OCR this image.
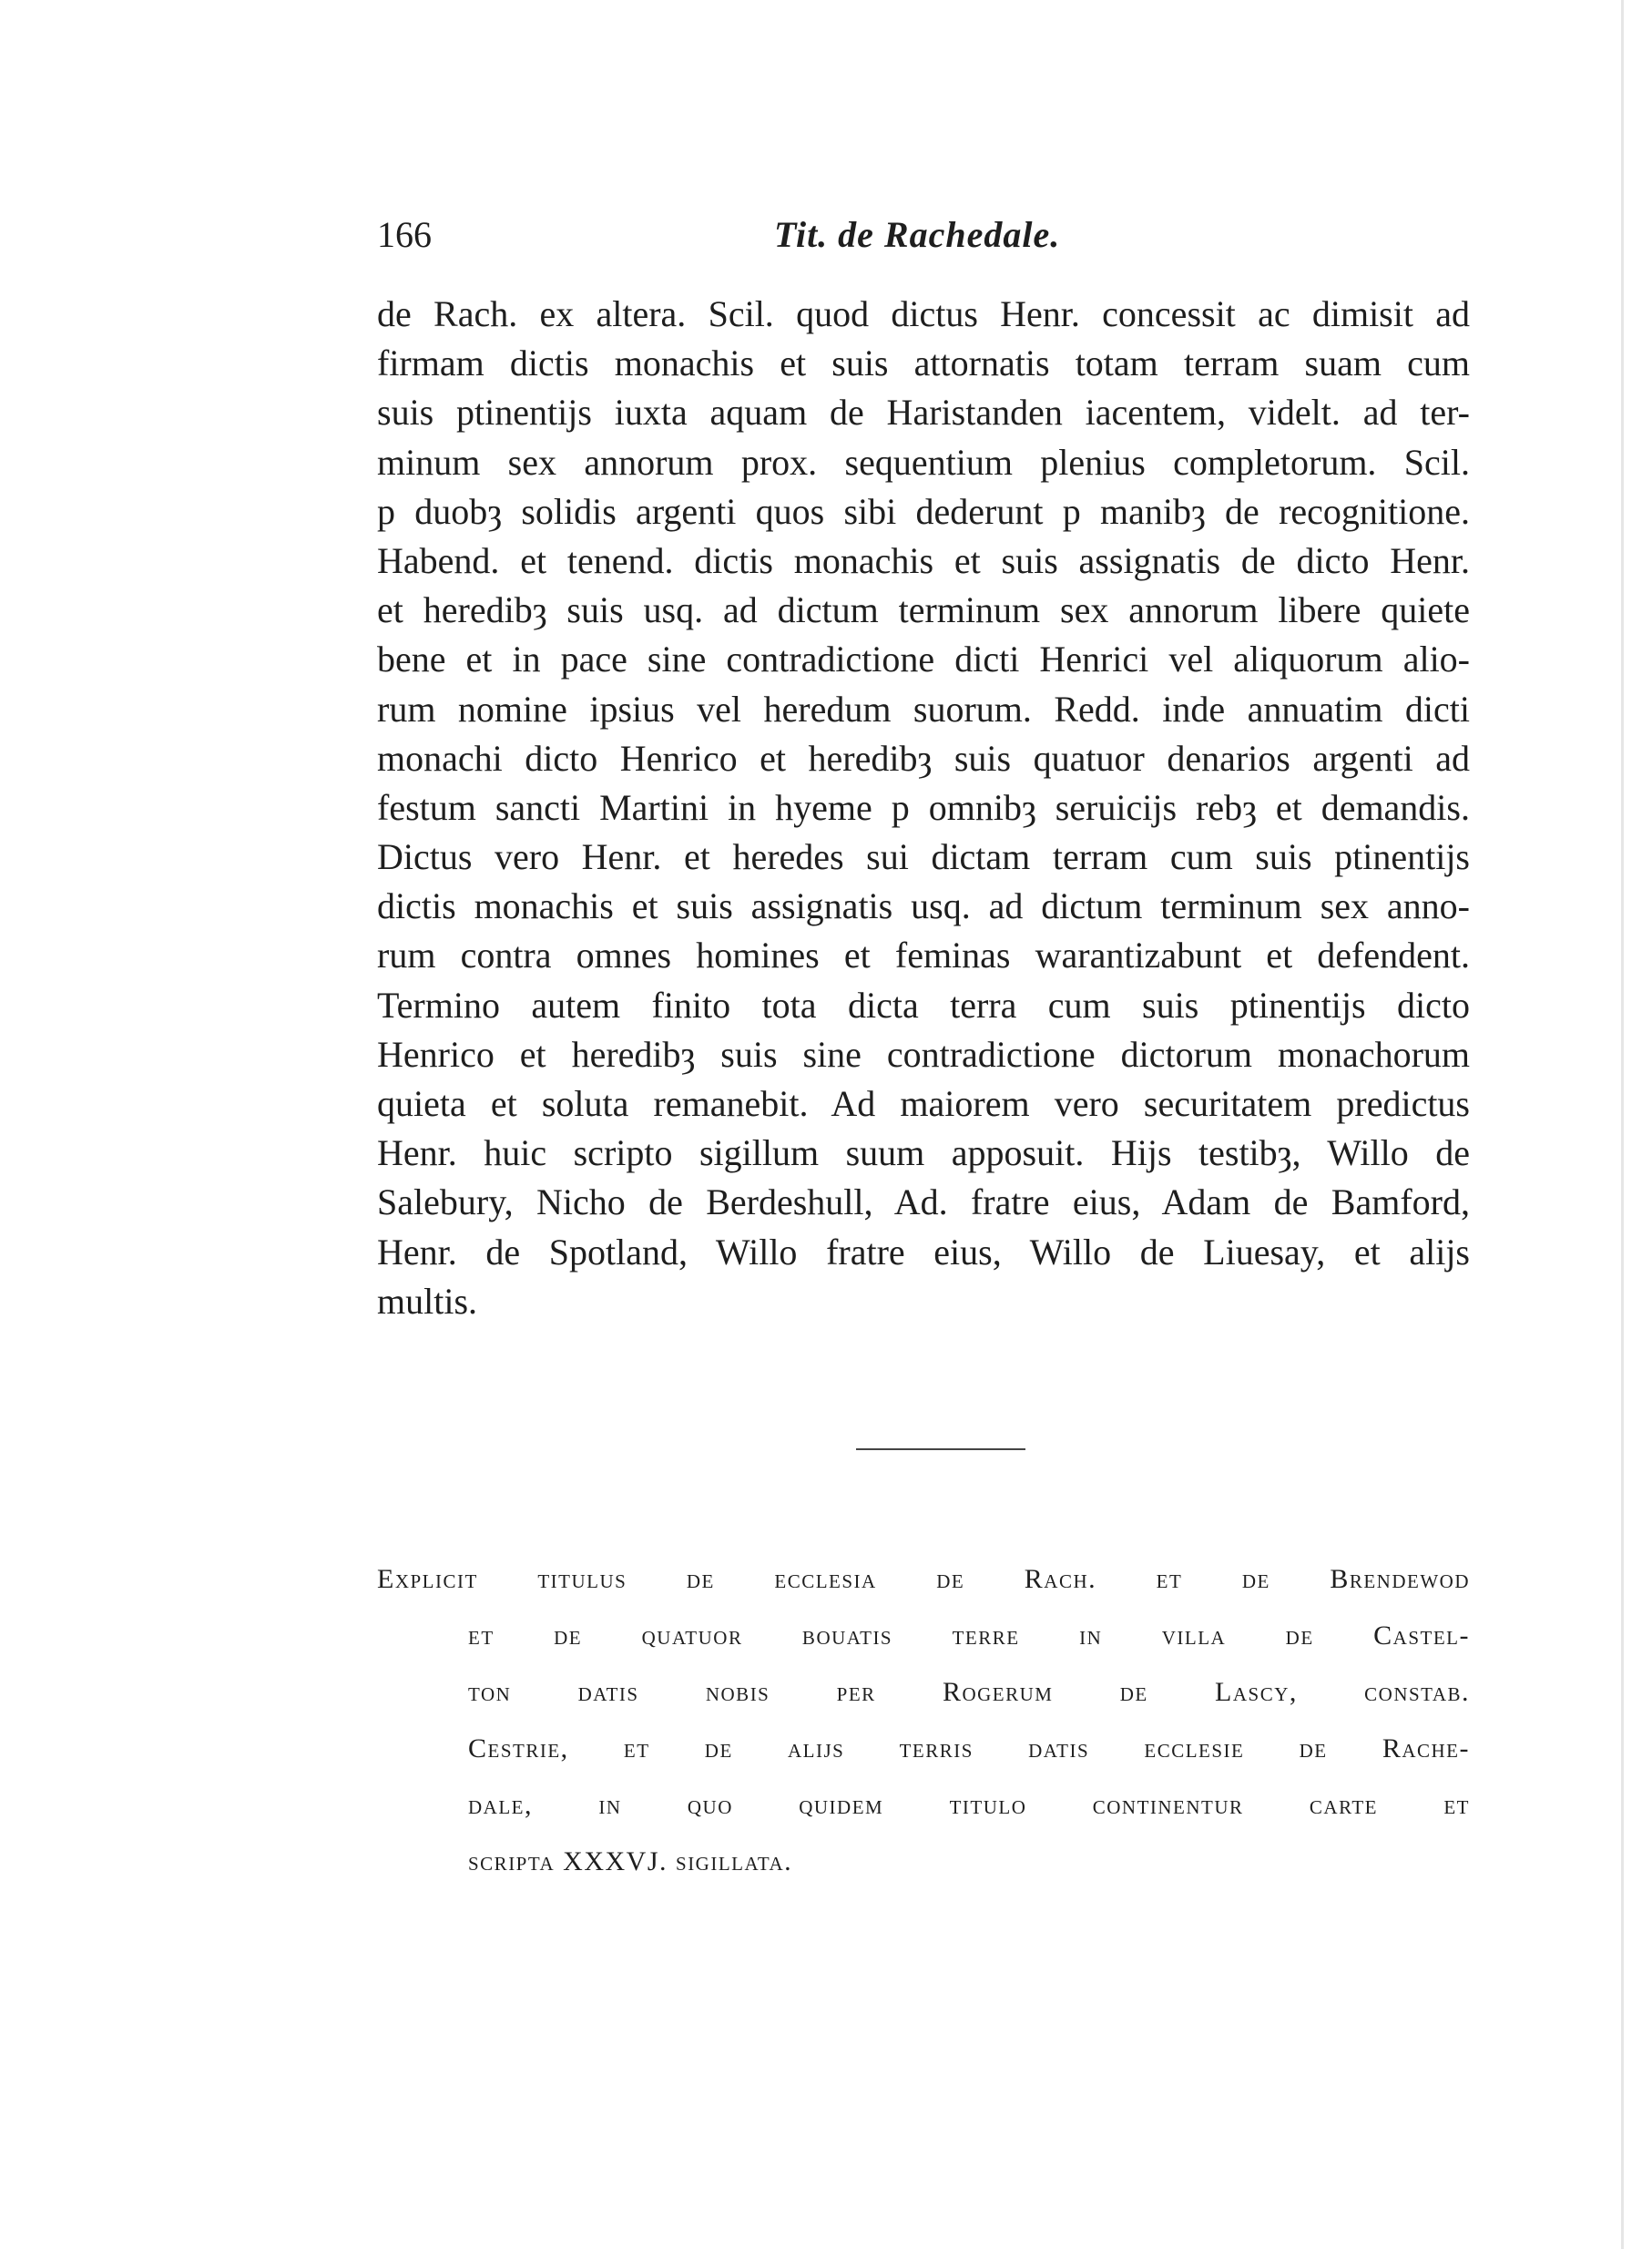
166	Tit. de Rachedale.
de Rach. ex altera. Scil. quod dictus Henr. concessit ac dimisit ad
firmam dictis monachis et suis attornatis totam terram suam cum
suis ptinentijs iuxta aquam de Haristanden iacentem, videlt. ad ter-
minum sex annorum prox. sequentium plenius completorum. Scil.
p duobȝ solidis argenti quos sibi dederunt p manibȝ de recognitione.
Habend. et tenend. dictis monachis et suis assignatis de dicto Henr.
et heredibȝ suis usq. ad dictum terminum sex annorum libere quiete
bene et in pace sine contradictione dicti Henrici vel aliquorum alio-
rum nomine ipsius vel heredum suorum. Redd. inde annuatim dicti
monachi dicto Henrico et heredibȝ suis quatuor denarios argenti ad
festum sancti Martini in hyeme p omnibȝ seruicijs rebȝ et demandis.
Dictus vero Henr. et heredes sui dictam terram cum suis ptinentijs
dictis monachis et suis assignatis usq. ad dictum terminum sex anno-
rum contra omnes homines et feminas warantizabunt et defendent.
Termino autem finito tota dicta terra cum suis ptinentijs dicto
Henrico et heredibȝ suis sine contradictione dictorum monachorum
quieta et soluta remanebit. Ad maiorem vero securitatem predictus
Henr. huic scripto sigillum suum apposuit. Hijs testibȝ, Willo de
Salebury, Nicho de Berdeshull, Ad. fratre eius, Adam de Bamford,
Henr. de Spotland, Willo fratre eius, Willo de Liuesay, et alijs
multis.
Explicit titulus de ecclesia de Rach. et de Brendewod
et de quatuor bouatis terre in villa de Castel-
ton datis nobis per Rogerum de Lascy, constab.
Cestrie, et de alijs terris datis ecclesie de Rache-
dale, in quo quidem titulo continentur carte et
scripta XXXVJ. sigillata.
